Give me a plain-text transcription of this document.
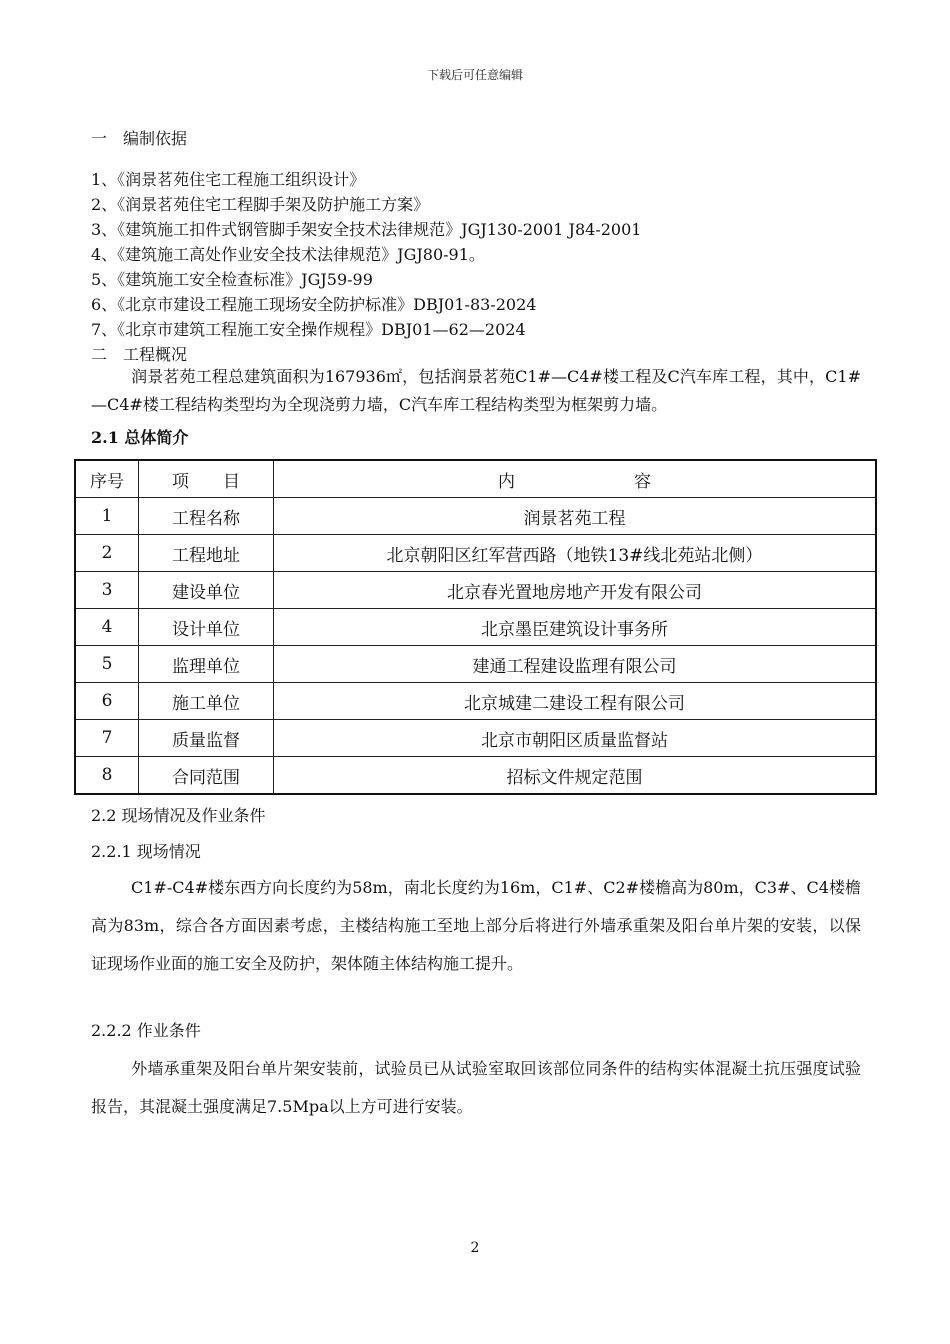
下载后可任意编辑
一　编制依据
1、《润景茗苑住宅工程施工组织设计》
2、《润景茗苑住宅工程脚手架及防护施工方案》
3、《建筑施工扣件式钢管脚手架安全技术法律规范》JGJ130-2001 J84-2001
4、《建筑施工高处作业安全技术法律规范》JGJ80-91。
5、《建筑施工安全检查标准》JGJ59-99
6、《北京市建设工程施工现场安全防护标准》DBJ01-83-2024
7、《北京市建筑工程施工安全操作规程》DBJ01—62—2024
二　工程概况
润景茗苑工程总建筑面积为167936㎡，包括润景茗苑C1#—C4#楼工程及C汽车库工程，其中，C1#—C4#楼工程结构类型均为全现浇剪力墙，C汽车库工程结构类型为框架剪力墙。
2.1 总体简介
序号	项　　目	内　　　　　　　容
1	工程名称	润景茗苑工程
2	工程地址	北京朝阳区红军营西路（地铁13#线北苑站北侧）
3	建设单位	北京春光置地房地产开发有限公司
4	设计单位	北京墨臣建筑设计事务所
5	监理单位	建通工程建设监理有限公司
6	施工单位	北京城建二建设工程有限公司
7	质量监督	北京市朝阳区质量监督站
8	合同范围	招标文件规定范围
2.2 现场情况及作业条件
2.2.1 现场情况
C1#-C4#楼东西方向长度约为58m，南北长度约为16m，C1#、C2#楼檐高为80m，C3#、C4楼檐高为83m，综合各方面因素考虑，主楼结构施工至地上部分后将进行外墙承重架及阳台单片架的安装，以保证现场作业面的施工安全及防护，架体随主体结构施工提升。
2.2.2 作业条件
外墙承重架及阳台单片架安装前，试验员已从试验室取回该部位同条件的结构实体混凝土抗压强度试验报告，其混凝土强度满足7.5Mpa以上方可进行安装。
2
